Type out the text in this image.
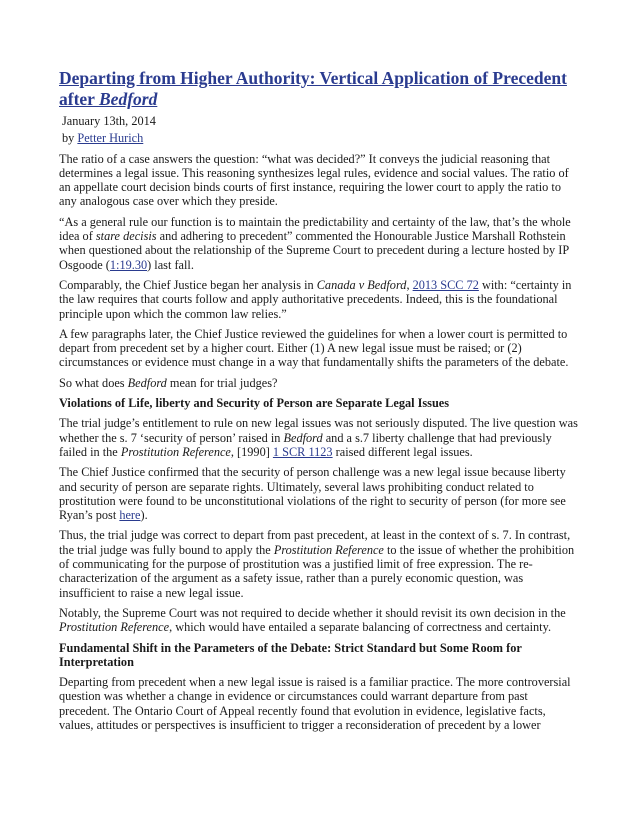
Departing from Higher Authority: Vertical Application of Precedent after Bedford
January 13th, 2014
by Petter Hurich

The ratio of a case answers the question: “what was decided?” It conveys the judicial reasoning that determines a legal issue. This reasoning synthesizes legal rules, evidence and social values. The ratio of an appellate court decision binds courts of first instance, requiring the lower court to apply the ratio to any analogous case over which they preside.

“As a general rule our function is to maintain the predictability and certainty of the law, that’s the whole idea of stare decisis and adhering to precedent” commented the Honourable Justice Marshall Rothstein when questioned about the relationship of the Supreme Court to precedent during a lecture hosted by IP Osgoode (1:19.30) last fall.

Comparably, the Chief Justice began her analysis in Canada v Bedford, 2013 SCC 72 with: “certainty in the law requires that courts follow and apply authoritative precedents. Indeed, this is the foundational principle upon which the common law relies.”

A few paragraphs later, the Chief Justice reviewed the guidelines for when a lower court is permitted to depart from precedent set by a higher court. Either (1) A new legal issue must be raised; or (2) circumstances or evidence must change in a way that fundamentally shifts the parameters of the debate.

So what does Bedford mean for trial judges?

Violations of Life, liberty and Security of Person are Separate Legal Issues

The trial judge’s entitlement to rule on new legal issues was not seriously disputed. The live question was whether the s. 7 ‘security of person’ raised in Bedford and a s.7 liberty challenge that had previously failed in the Prostitution Reference, [1990] 1 SCR 1123 raised different legal issues.

The Chief Justice confirmed that the security of person challenge was a new legal issue because liberty and security of person are separate rights. Ultimately, several laws prohibiting conduct related to prostitution were found to be unconstitutional violations of the right to security of person (for more see Ryan’s post here).

Thus, the trial judge was correct to depart from past precedent, at least in the context of s. 7. In contrast, the trial judge was fully bound to apply the Prostitution Reference to the issue of whether the prohibition of communicating for the purpose of prostitution was a justified limit of free expression. The re-characterization of the argument as a safety issue, rather than a purely economic question, was insufficient to raise a new legal issue.

Notably, the Supreme Court was not required to decide whether it should revisit its own decision in the Prostitution Reference, which would have entailed a separate balancing of correctness and certainty.

Fundamental Shift in the Parameters of the Debate: Strict Standard but Some Room for Interpretation

Departing from precedent when a new legal issue is raised is a familiar practice. The more controversial question was whether a change in evidence or circumstances could warrant departure from past precedent. The Ontario Court of Appeal recently found that evolution in evidence, legislative facts, values, attitudes or perspectives is insufficient to trigger a reconsideration of precedent by a lower
